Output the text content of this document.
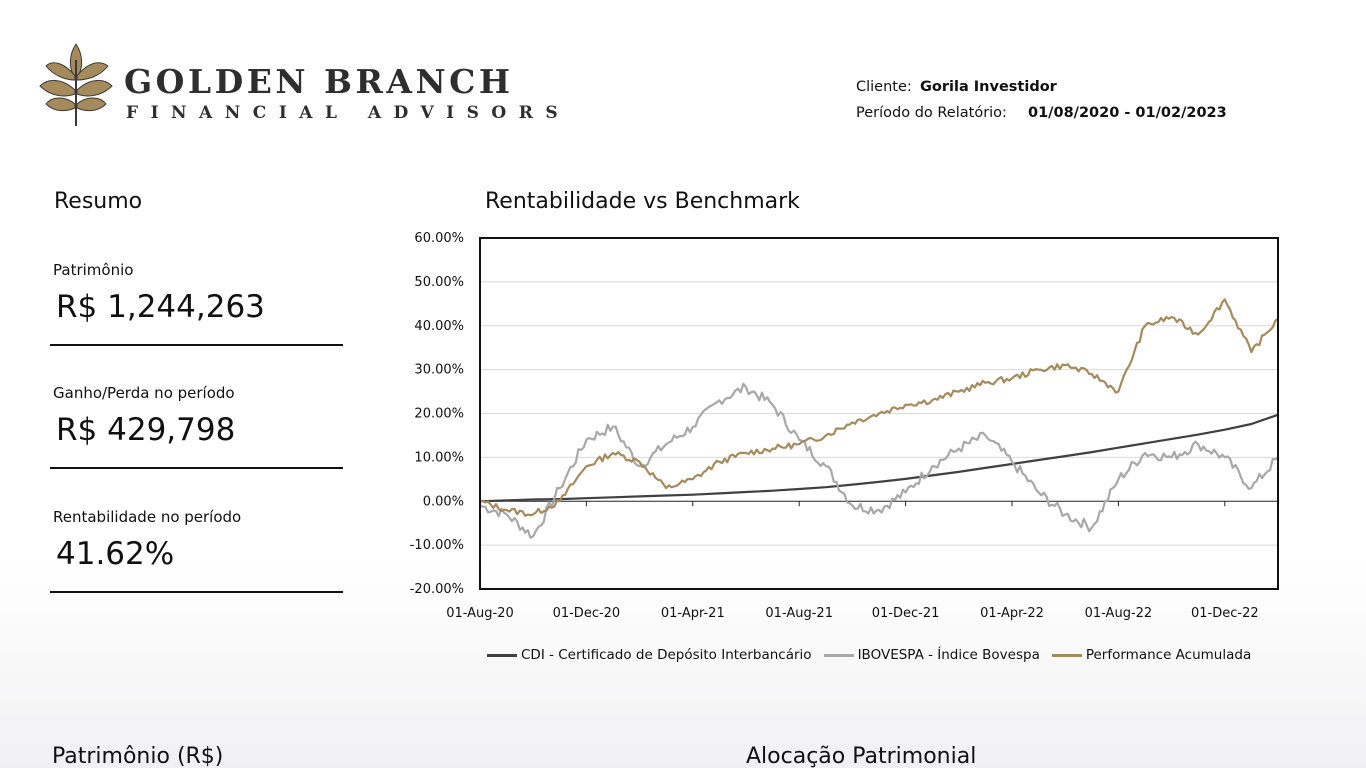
GOLDEN BRANCH
FINANCIAL ADVISORS
Cliente: Gorila Investidor
Período do Relatório: 01/08/2020 - 01/02/2023
Resumo
Patrimônio
R$ 1,244,263
Ganho/Perda no período
R$ 429,798
Rentabilidade no período
41.62%
Rentabilidade vs Benchmark
60.00%
50.00%
40.00%
30.00%
20.00%
10.00%
0.00%
-10.00%
-20.00%
01-Aug-20	01-Dec-20	01-Apr-21	01-Aug-21	01-Dec-21	01-Apr-22	01-Aug-22	01-Dec-22
CDI - Certificado de Depósito Interbancário	IBOVESPA - Índice Bovespa	Performance Acumulada
Patrimônio (R$)	Alocação Patrimonial
